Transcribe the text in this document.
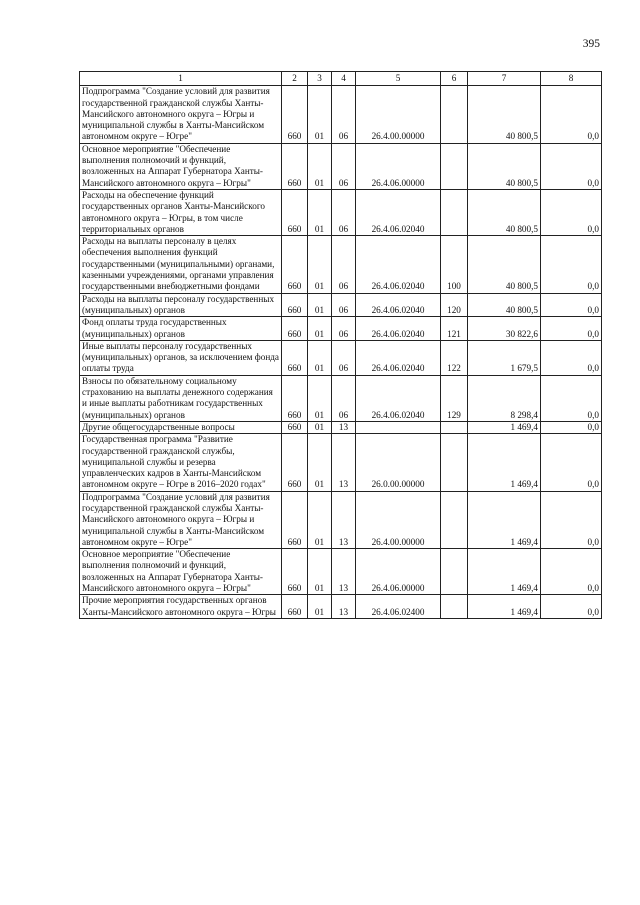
395
1	2	3	4	5	6	7	8
Подпрограмма "Создание условий для развития государственной гражданской службы Ханты-Мансийского автономного округа – Югры и муниципальной службы в Ханты-Мансийском автономном округе – Югре"	660	01	06	26.4.00.00000		40 800,5	0,0
Основное мероприятие "Обеспечение выполнения полномочий и функций, возложенных на Аппарат Губернатора Ханты-Мансийского автономного округа – Югры"	660	01	06	26.4.06.00000		40 800,5	0,0
Расходы на обеспечение функций государственных органов Ханты-Мансийского автономного округа – Югры, в том числе территориальных органов	660	01	06	26.4.06.02040		40 800,5	0,0
Расходы на выплаты персоналу в целях обеспечения выполнения функций государственными (муниципальными) органами, казенными учреждениями, органами управления государственными внебюджетными фондами	660	01	06	26.4.06.02040	100	40 800,5	0,0
Расходы на выплаты персоналу государственных (муниципальных) органов	660	01	06	26.4.06.02040	120	40 800,5	0,0
Фонд оплаты труда государственных (муниципальных) органов	660	01	06	26.4.06.02040	121	30 822,6	0,0
Иные выплаты персоналу государственных (муниципальных) органов, за исключением фонда оплаты труда	660	01	06	26.4.06.02040	122	1 679,5	0,0
Взносы по обязательному социальному страхованию на выплаты денежного содержания и иные выплаты работникам государственных (муниципальных) органов	660	01	06	26.4.06.02040	129	8 298,4	0,0
Другие общегосударственные вопросы	660	01	13			1 469,4	0,0
Государственная программа "Развитие государственной гражданской службы, муниципальной службы и резерва управленческих кадров в Ханты-Мансийском автономном округе – Югре в 2016–2020 годах"	660	01	13	26.0.00.00000		1 469,4	0,0
Подпрограмма "Создание условий для развития государственной гражданской службы Ханты-Мансийского автономного округа – Югры и муниципальной службы в Ханты-Мансийском автономном округе – Югре"	660	01	13	26.4.00.00000		1 469,4	0,0
Основное мероприятие "Обеспечение выполнения полномочий и функций, возложенных на Аппарат Губернатора Ханты-Мансийского автономного округа – Югры"	660	01	13	26.4.06.00000		1 469,4	0,0
Прочие мероприятия государственных органов Ханты-Мансийского автономного округа – Югры	660	01	13	26.4.06.02400		1 469,4	0,0
